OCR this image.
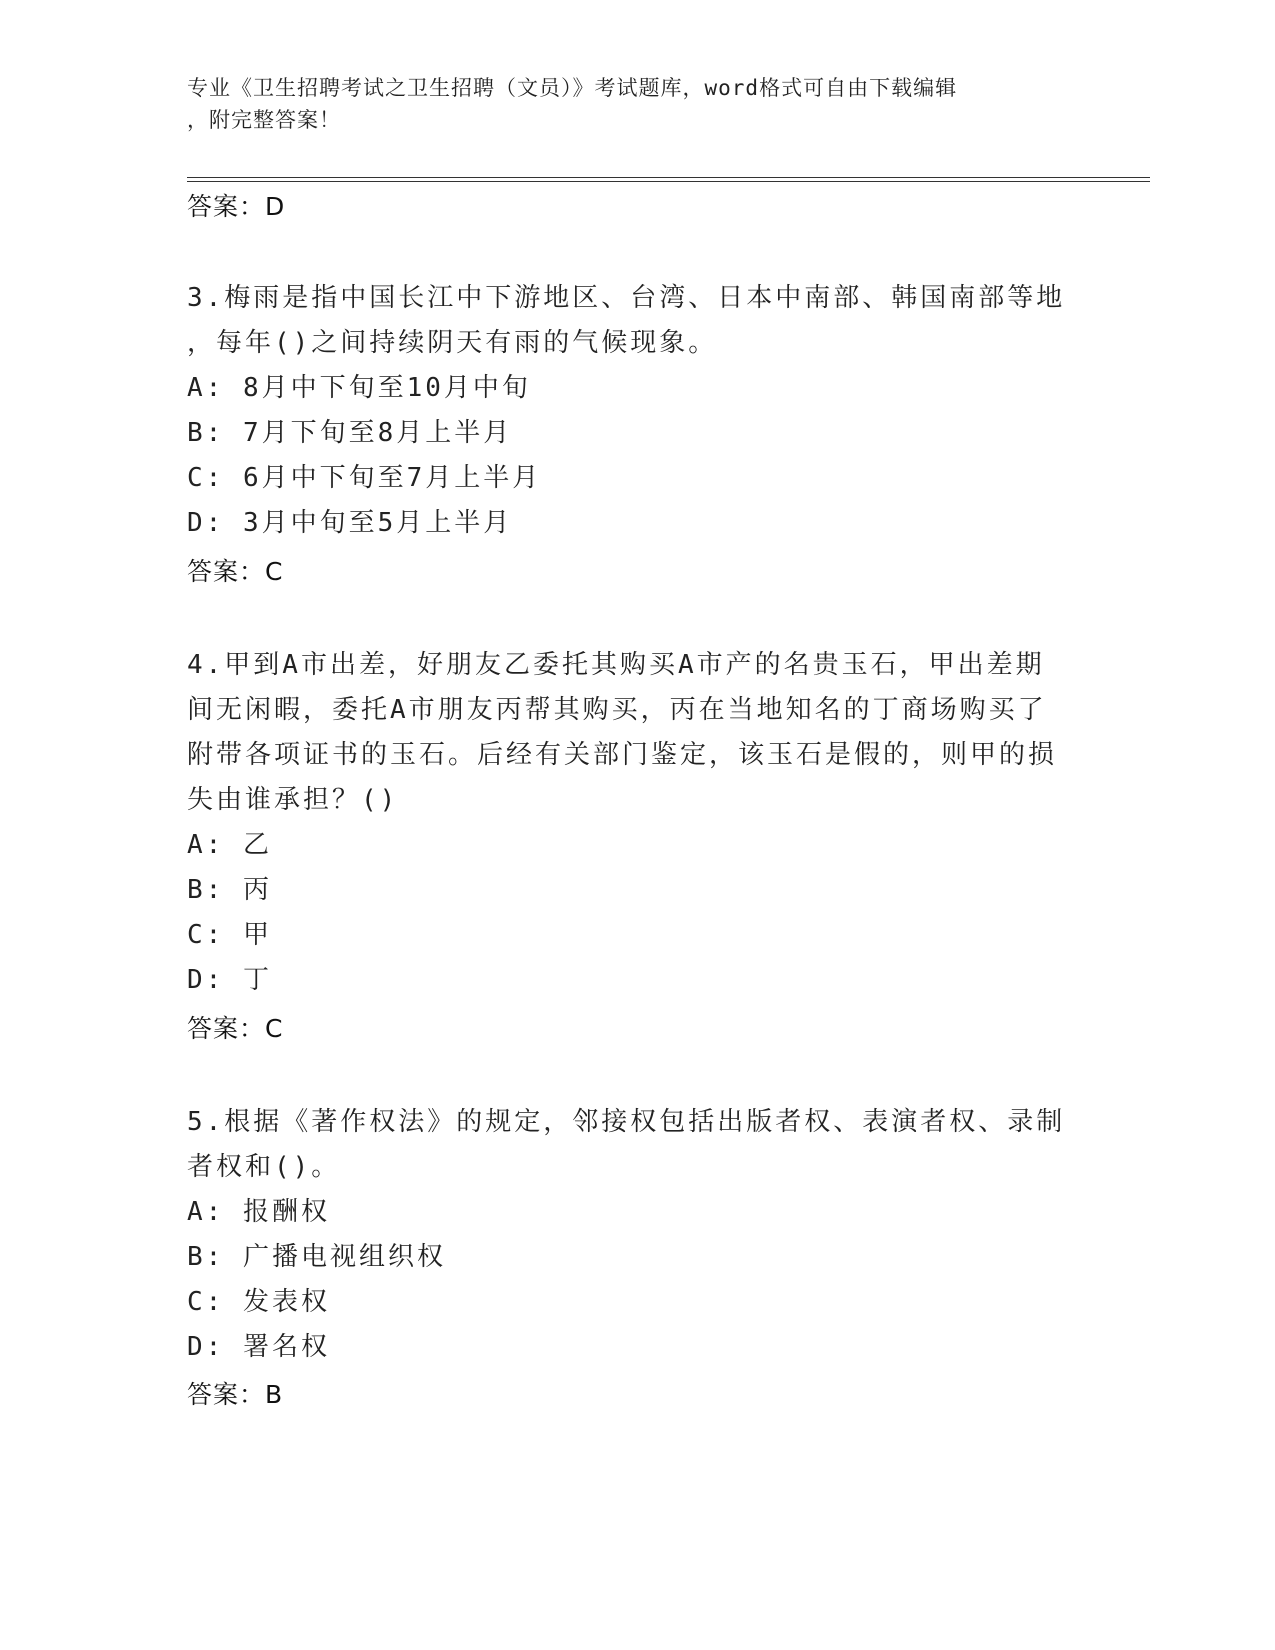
专业《卫生招聘考试之卫生招聘（文员）》考试题库，word格式可自由下载编辑
，附完整答案！
答案：D

3.梅雨是指中国长江中下游地区、台湾、日本中南部、韩国南部等地

，每年()之间持续阴天有雨的气候现象。

A: 8月中下旬至10月中旬

B: 7月下旬至8月上半月

C: 6月中下旬至7月上半月

D: 3月中旬至5月上半月

答案：C

4.甲到A市出差，好朋友乙委托其购买A市产的名贵玉石，甲出差期

间无闲暇，委托A市朋友丙帮其购买，丙在当地知名的丁商场购买了

附带各项证书的玉石。后经有关部门鉴定，该玉石是假的，则甲的损

失由谁承担？()

A: 乙

B: 丙

C: 甲

D: 丁

答案：C

5.根据《著作权法》的规定，邻接权包括出版者权、表演者权、录制

者权和()。

A: 报酬权

B: 广播电视组织权

C: 发表权

D: 署名权

答案：B
